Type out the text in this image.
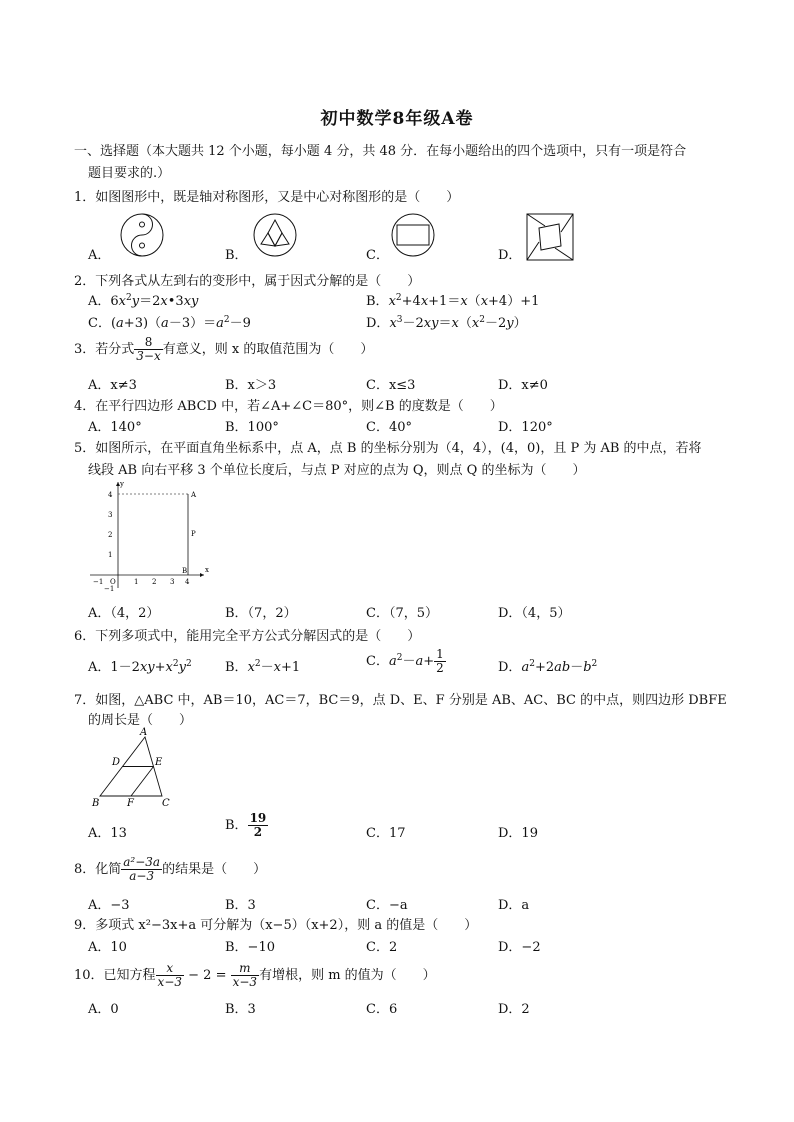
初中数学8年级A卷
一、选择题（本大题共 12 个小题，每小题 4 分，共 48 分．在每小题给出的四个选项中，只有一项是符合
题目要求的.）
1．如图图形中，既是轴对称图形，又是中心对称图形的是（　　）
A．	B．	C．	D．
2．下列各式从左到右的变形中，属于因式分解的是（　　）
A．$6x^2y=2x•3xy$	B．$x^2+4x+1=x(x+4)+1$
C．$(a+3)(a-3)=a^2-9$	D．$x^3-2xy=x(x^2-2y)$
3．若分式 $\frac{8}{3-x}$ 有意义，则 x 的取值范围为（　　）
A．x≠3	B．x＞3	C．x≤3	D．x≠0
4．在平行四边形 ABCD 中，若∠A+∠C＝80°，则∠B 的度数是（　　）
A．140°	B．100°	C．40°	D．120°
5．如图所示，在平面直角坐标系中，点 A，点 B 的坐标分别为（4，4），(4，0)，且 P 为 AB 的中点，若将
线段 AB 向右平移 3 个单位长度后，与点 P 对应的点为 Q，则点 Q 的坐标为（　　）
x
y
O
A
B
P
−1	1 2 3 4
4
3
2
1
−1
A．（4，2）	B．（7，2）	C．（7，5）	D．（4，5）
6．下列多项式中，能用完全平方公式分解因式的是（　　）
A．$1-2xy+x^2y^2$	B．$x^2-x+1$	C．$a^2-a+ \frac{1}{2}$	D．$a^2+2ab-b^2$
7．如图，△ABC 中，AB＝10，AC＝7，BC＝9，点 D、E、F 分别是 AB、AC、BC 的中点，则四边形 DBFE
的周长是（　　）
A
B	C
D	E
F
A．13
B． $\frac{19}{2}$	C．17	D．19
8．化简 $\frac{\text{a²−3a}}{a-3}$ 的结果是（　　）
A．−3	B．3	C．−a	D．a
9．多项式 x²−3x+a 可分解为（x−5）（x+2），则 a 的值是（　　）
A．10	B．−10	C．2	D．−2
10．已知方程 $\frac{x}{x-3} - 2 = \frac{m}{x-3}$ 有增根，则 m 的值为（　　）
A．0	B．3	C．6	D．2
